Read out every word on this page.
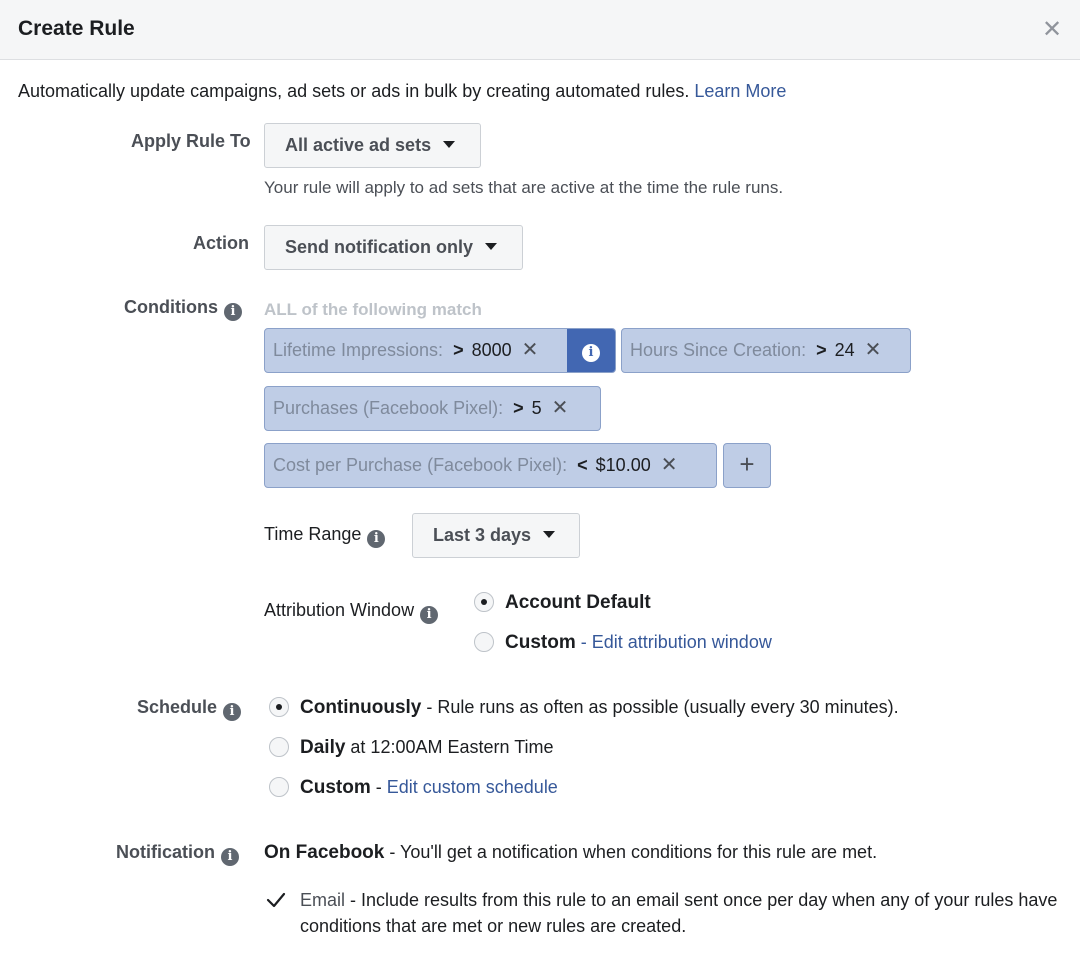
Create Rule	✕
Automatically update campaigns, ad sets or ads in bulk by creating automated rules. Learn More
Apply Rule To	All active ad sets
Your rule will apply to ad sets that are active at the time the rule runs.
Action	Send notification only
Conditions i	ALL of the following match
Lifetime Impressions: > 8000 ✕	i	Hours Since Creation: > 24 ✕
Purchases (Facebook Pixel): > 5 ✕
Cost per Purchase (Facebook Pixel): < $10.00 ✕	+
Time Range i	Last 3 days
Attribution Window i
Account Default
Custom - Edit attribution window
Schedule i	Continuously - Rule runs as often as possible (usually every 30 minutes).
Daily at 12:00AM Eastern Time
Custom - Edit custom schedule
Notification i	On Facebook - You'll get a notification when conditions for this rule are met.
Email - Include results from this rule to an email sent once per day when any of your rules have conditions that are met or new rules are created.
